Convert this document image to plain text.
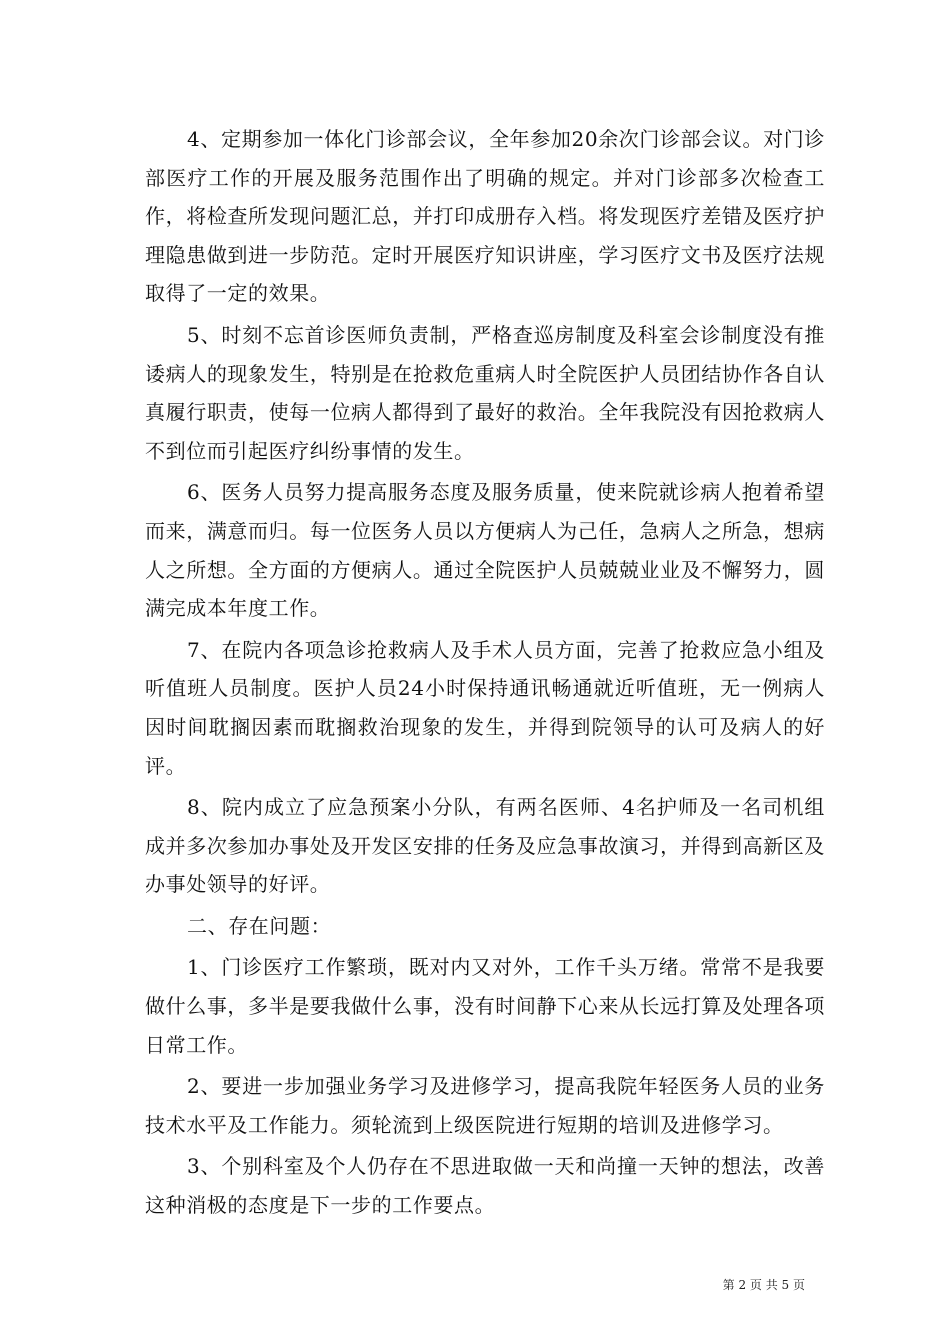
4、定期参加一体化门诊部会议，全年参加20余次门诊部会议。对门诊部医疗工作的开展及服务范围作出了明确的规定。并对门诊部多次检查工作，将检查所发现问题汇总，并打印成册存入档。将发现医疗差错及医疗护理隐患做到进一步防范。定时开展医疗知识讲座，学习医疗文书及医疗法规取得了一定的效果。

5、时刻不忘首诊医师负责制，严格查巡房制度及科室会诊制度没有推诿病人的现象发生，特别是在抢救危重病人时全院医护人员团结协作各自认真履行职责，使每一位病人都得到了最好的救治。全年我院没有因抢救病人不到位而引起医疗纠纷事情的发生。

6、医务人员努力提高服务态度及服务质量，使来院就诊病人抱着希望而来，满意而归。每一位医务人员以方便病人为己任，急病人之所急，想病人之所想。全方面的方便病人。通过全院医护人员兢兢业业及不懈努力，圆满完成本年度工作。

7、在院内各项急诊抢救病人及手术人员方面，完善了抢救应急小组及听值班人员制度。医护人员24小时保持通讯畅通就近听值班，无一例病人因时间耽搁因素而耽搁救治现象的发生，并得到院领导的认可及病人的好评。

8、院内成立了应急预案小分队，有两名医师、4名护师及一名司机组成并多次参加办事处及开发区安排的任务及应急事故演习，并得到高新区及办事处领导的好评。

二、存在问题：

1、门诊医疗工作繁琐，既对内又对外，工作千头万绪。常常不是我要做什么事，多半是要我做什么事，没有时间静下心来从长远打算及处理各项日常工作。

2、要进一步加强业务学习及进修学习，提高我院年轻医务人员的业务技术水平及工作能力。须轮流到上级医院进行短期的培训及进修学习。

3、个别科室及个人仍存在不思进取做一天和尚撞一天钟的想法，改善这种消极的态度是下一步的工作要点。

第 2 页 共 5 页
